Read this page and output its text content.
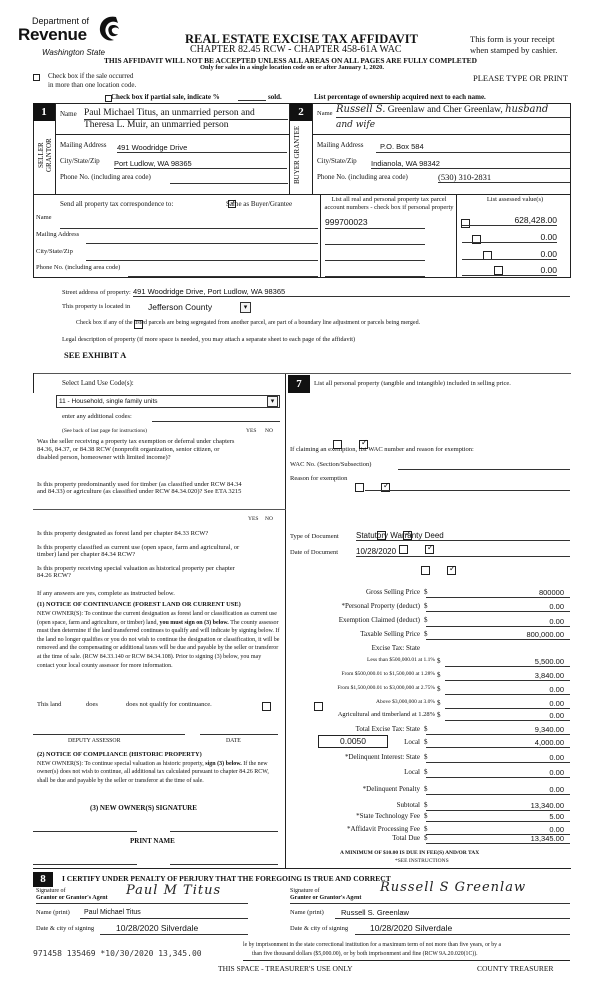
Department of
Revenue
Washington State
REAL ESTATE EXCISE TAX AFFIDAVIT
CHAPTER 82.45 RCW - CHAPTER 458-61A WAC
THIS AFFIDAVIT WILL NOT BE ACCEPTED UNLESS ALL AREAS ON ALL PAGES ARE FULLY COMPLETED
Only for sales in a single location code on or after January 1, 2020.
This form is your receipt
when stamped by cashier.
PLEASE TYPE OR PRINT

Check box if the sale occurred
in more than one location code.

Check box if partial sale, indicate %	sold.	List percentage of ownership acquired next to each name.
1
SELLER GRANTOR
Name Paul Michael Titus, an unmarried person and
Theresa L. Muir, an unmarried person
Mailing Address 491 Woodridge Drive
City/State/Zip Port Ludlow, WA 98365
Phone No. (including area code)
2
BUYER GRANTEE
Name Russell S. Greenlaw and Cher Greenlaw, husband
and wife
Mailing Address P.O. Box 584
City/State/Zip Indianola, WA 98342
Phone No. (including area code)	(530) 310-2831
Send all property tax correspondence to: ✓	Same as Buyer/Grantee
List all real and personal property tax parcel account numbers - check box if personal property
List assessed value(s)
Name
Mailing Address
City/State/Zip
Phone No. (including area code)
999700023
	628,428.00

0.00

0.00

0.00
Street address of property: 491 Woodridge Drive, Port Ludlow, WA 98365
This property is located in Jefferson County	▾

Check box if any of the listed parcels are being segregated from another parcel, are part of a boundary line adjustment or parcels being merged.
Legal description of property (if more space is needed, you may attach a separate sheet to each page of the affidavit)
SEE EXHIBIT A
Select Land Use Code(s):
11 - Household, single family units	▾
enter any additional codes:
(See back of last page for instructions)	YES NO
Was the seller receiving a property tax exemption or deferral under chapters 84.36, 84.37, or 84.38 RCW (nonprofit organization, senior citizen, or disabled person, homeowner with limited income)?
✓
Is this property predominantly used for timber (as classified under RCW 84.34 and 84.33) or agriculture (as classified under RCW 84.34.020)? See ETA 3215
✓
YES NO
Is this property designated as forest land per chapter 84.33 RCW?
✓
Is this property classified as current use (open space, farm and agricultural, or timber) land per chapter 84.34 RCW?
✓
Is this property receiving special valuation as historical property per chapter 84.26 RCW?
✓
If any answers are yes, complete as instructed below.
(1) NOTICE OF CONTINUANCE (FOREST LAND OR CURRENT USE)
NEW OWNER(S): To continue the current designation as forest land or classification as current use (open space, farm and agriculture, or timber) land, you must sign on (3) below. The county assessor must then determine if the land transferred continues to qualify and will indicate by signing below. If the land no longer qualifies or you do not wish to continue the designation or classification, it will be removed and the compensating or additional taxes will be due and payable by the seller or transferor at the time of sale. (RCW 84.33.140 or RCW 84.34.108). Prior to signing (3) below, you may contact your local county assessor for more information.
This land
	does	does not qualify for continuance.
DEPUTY ASSESSOR	DATE
(2) NOTICE OF COMPLIANCE (HISTORIC PROPERTY)
NEW OWNER(S): To continue special valuation as historic property, sign (3) below. If the new owner(s) does not wish to continue, all additional tax calculated pursuant to chapter 84.26 RCW, shall be due and payable by the seller or transferor at the time of sale.
(3) NEW OWNER(S) SIGNATURE
PRINT NAME
7	List all personal property (tangible and intangible) included in selling price.
If claiming an exemption, list WAC number and reason for exemption:
WAC No. (Section/Subsection)
Reason for exemption
Type of Document Statutory Warranty Deed
Date of Document 10/28/2020
Gross Selling Price $	800000
*Personal Property (deduct) $	0.00
Exemption Claimed (deduct) $	0.00
Taxable Selling Price $	800,000.00
Excise Tax: State
Less than $500,000.01 at 1.1% $	5,500.00
From $500,000.01 to $1,500,000 at 1.28% $	3,840.00
From $1,500,000.01 to $3,000,000 at 2.75% $	0.00
Above $3,000,000 at 3.0% $	0.00
Agricultural and timberland at 1.28% $	0.00
Total Excise Tax: State $	9,340.00
0.0050	Local $	4,000.00
*Delinquent Interest: State $	0.00
Local $	0.00
*Delinquent Penalty $	0.00
Subtotal $	13,340.00
*State Technology Fee $	5.00
*Affidavit Processing Fee $	0.00
Total Due $	13,345.00
A MINIMUM OF $10.00 IS DUE IN FEE(S) AND/OR TAX
*SEE INSTRUCTIONS
8	I CERTIFY UNDER PENALTY OF PERJURY THAT THE FOREGOING IS TRUE AND CORRECT
Signature of
Grantor or Grantor's Agent Paul M Titus
Name (print) Paul Michael Titus
Date & city of signing	10/28/2020 Silverdale
Signature of
Grantee or Grantor's Agent
Russell S Greenlaw
Name (print) Russell S. Greenlaw
Date & city of signing	10/28/2020 Silverdale
le by imprisonment in the state correctional institution for a maximum term of not more than five years, or by a
than five thousand dollars ($5,000.00), or by both imprisonment and fine (RCW 9A.20.020(1C)).
971458 135469 *10/30/2020 13,345.00
THIS SPACE - TREASURER'S USE ONLY	COUNTY TREASURER
